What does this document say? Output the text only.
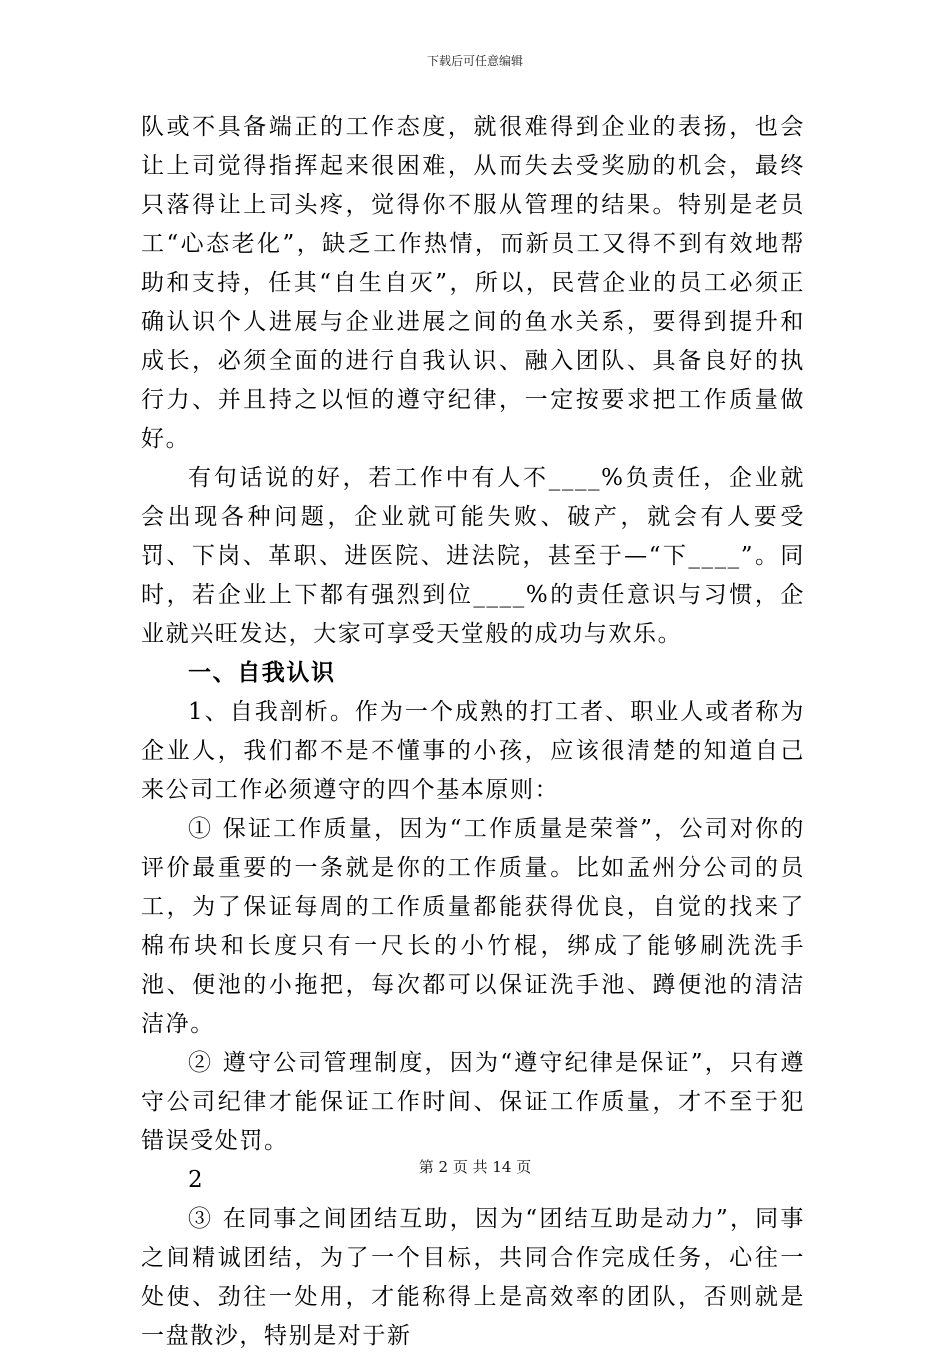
下载后可任意编辑

队或不具备端正的工作态度，就很难得到企业的表扬，也会让上司觉得指挥起来很困难，从而失去受奖励的机会，最终只落得让上司头疼，觉得你不服从管理的结果。特别是老员工“心态老化”，缺乏工作热情，而新员工又得不到有效地帮助和支持，任其“自生自灭”，所以，民营企业的员工必须正确认识个人进展与企业进展之间的鱼水关系，要得到提升和成长，必须全面的进行自我认识、融入团队、具备良好的执行力、并且持之以恒的遵守纪律，一定按要求把工作质量做好。

有句话说的好，若工作中有人不____%负责任，企业就会出现各种问题，企业就可能失败、破产，就会有人要受罚、下岗、革职、进医院、进法院，甚至于—“下____”。同时，若企业上下都有强烈到位____%的责任意识与习惯，企业就兴旺发达，大家可享受天堂般的成功与欢乐。

一、自我认识

1、自我剖析。作为一个成熟的打工者、职业人或者称为企业人，我们都不是不懂事的小孩，应该很清楚的知道自己来公司工作必须遵守的四个基本原则：

① 保证工作质量，因为“工作质量是荣誉”，公司对你的评价最重要的一条就是你的工作质量。比如孟州分公司的员工，为了保证每周的工作质量都能获得优良，自觉的找来了棉布块和长度只有一尺长的小竹棍，绑成了能够刷洗洗手池、便池的小拖把，每次都可以保证洗手池、蹲便池的清洁洁净。

② 遵守公司管理制度，因为“遵守纪律是保证”，只有遵守公司纪律才能保证工作时间、保证工作质量，才不至于犯错误受处罚。

2

③ 在同事之间团结互助，因为“团结互助是动力”，同事之间精诚团结，为了一个目标，共同合作完成任务，心往一处使、劲往一处用，才能称得上是高效率的团队，否则就是一盘散沙，特别是对于新

第 2 页 共 14 页
